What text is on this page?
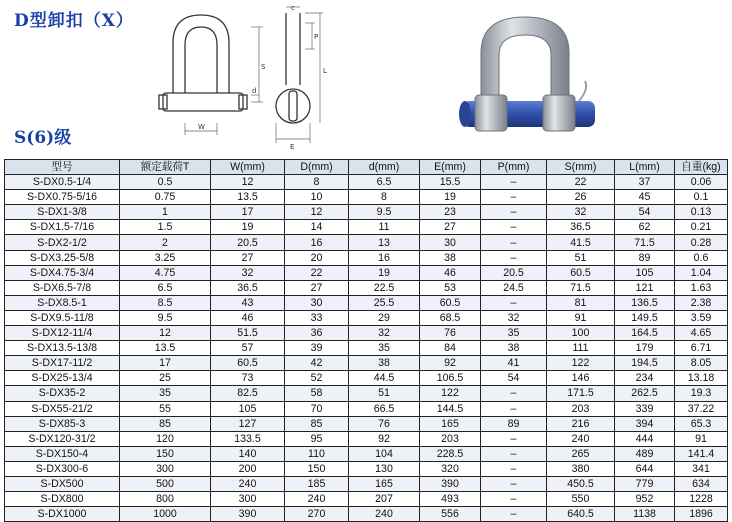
D型卸扣（X）
W
S
E
L
P
c
d
S(6)级
型号	额定载荷T	W(mm)	D(mm)	d(mm)	E(mm)	P(mm)	S(mm)	L(mm)	自重(kg)
S-DX0.5-1/4	0.5	12	8	6.5	15.5	–	22	37	0.06
S-DX0.75-5/16	0.75	13.5	10	8	19	–	26	45	0.1
S-DX1-3/8	1	17	12	9.5	23	–	32	54	0.13
S-DX1.5-7/16	1.5	19	14	11	27	–	36.5	62	0.21
S-DX2-1/2	2	20.5	16	13	30	–	41.5	71.5	0.28
S-DX3.25-5/8	3.25	27	20	16	38	–	51	89	0.6
S-DX4.75-3/4	4.75	32	22	19	46	20.5	60.5	105	1.04
S-DX6.5-7/8	6.5	36.5	27	22.5	53	24.5	71.5	121	1.63
S-DX8.5-1	8.5	43	30	25.5	60.5	–	81	136.5	2.38
S-DX9.5-11/8	9.5	46	33	29	68.5	32	91	149.5	3.59
S-DX12-11/4	12	51.5	36	32	76	35	100	164.5	4.65
S-DX13.5-13/8	13.5	57	39	35	84	38	111	179	6.71
S-DX17-11/2	17	60.5	42	38	92	41	122	194.5	8.05
S-DX25-13/4	25	73	52	44.5	106.5	54	146	234	13.18
S-DX35-2	35	82.5	58	51	122	–	171.5	262.5	19.3
S-DX55-21/2	55	105	70	66.5	144.5	–	203	339	37.22
S-DX85-3	85	127	85	76	165	89	216	394	65.3
S-DX120-31/2	120	133.5	95	92	203	–	240	444	91
S-DX150-4	150	140	110	104	228.5	–	265	489	141.4
S-DX300-6	300	200	150	130	320	–	380	644	341
S-DX500	500	240	185	165	390	–	450.5	779	634
S-DX800	800	300	240	207	493	–	550	952	1228
S-DX1000	1000	390	270	240	556	–	640.5	1138	1896
